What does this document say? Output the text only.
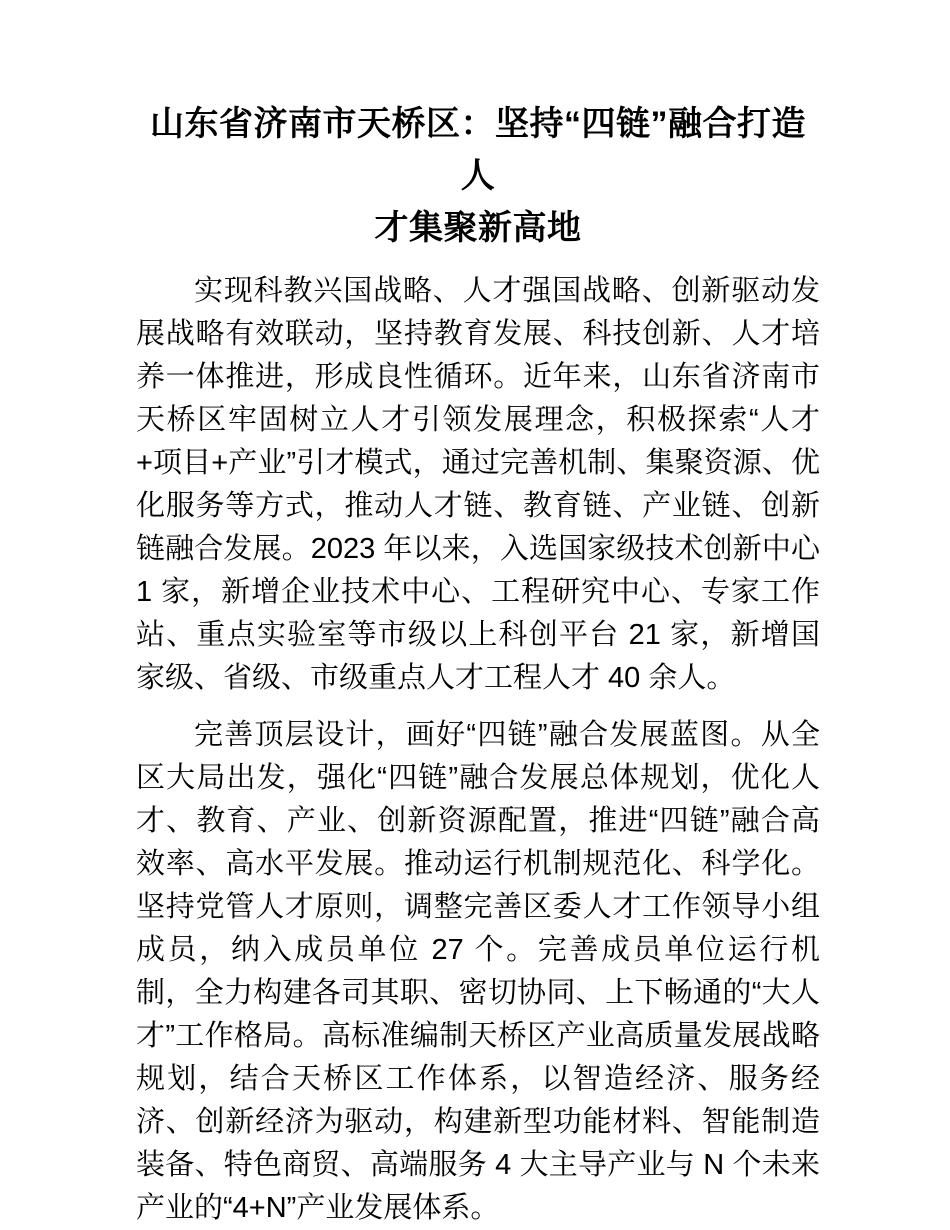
山东省济南市天桥区：坚持“四链”融合打造人
才集聚新高地

实现科教兴国战略、人才强国战略、创新驱动发展战略有效联动，坚持教育发展、科技创新、人才培养一体推进，形成良性循环。近年来，山东省济南市天桥区牢固树立人才引领发展理念，积极探索“人才+项目+产业”引才模式，通过完善机制、集聚资源、优化服务等方式，推动人才链、教育链、产业链、创新链融合发展。2023 年以来，入选国家级技术创新中心 1 家，新增企业技术中心、工程研究中心、专家工作站、重点实验室等市级以上科创平台 21 家，新增国家级、省级、市级重点人才工程人才 40 余人。

完善顶层设计，画好“四链”融合发展蓝图。从全区大局出发，强化“四链”融合发展总体规划，优化人才、教育、产业、创新资源配置，推进“四链”融合高效率、高水平发展。推动运行机制规范化、科学化。坚持党管人才原则，调整完善区委人才工作领导小组成员，纳入成员单位 27 个。完善成员单位运行机制，全力构建各司其职、密切协同、上下畅通的“大人才”工作格局。高标准编制天桥区产业高质量发展战略规划，结合天桥区工作体系，以智造经济、服务经济、创新经济为驱动，构建新型功能材料、智能制造装备、特色商贸、高端服务 4 大主导产业与 N 个未来产业的“4+N”产业发展体系。
